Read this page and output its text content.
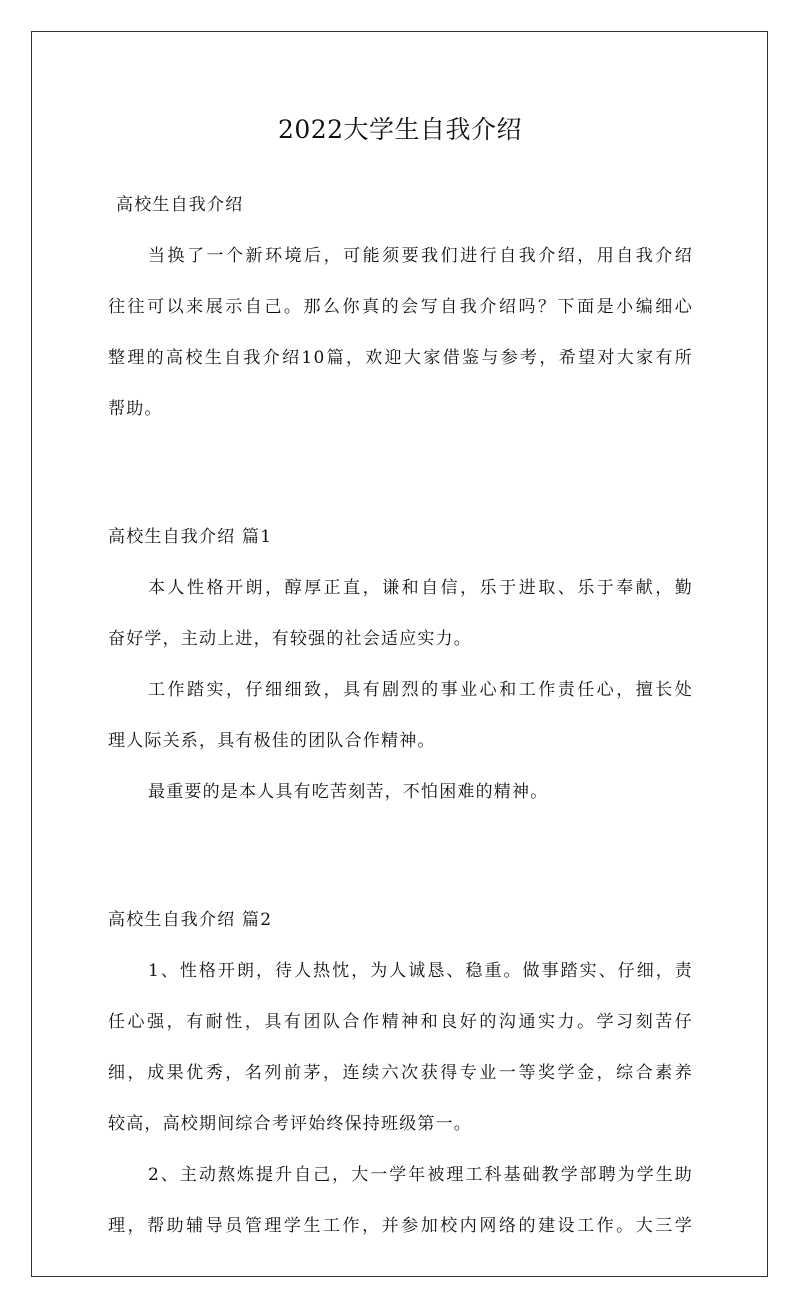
2022大学生自我介绍
高校生自我介绍
当换了一个新环境后，可能须要我们进行自我介绍，用自我介绍
往往可以来展示自己。那么你真的会写自我介绍吗？下面是小编细心
整理的高校生自我介绍10篇，欢迎大家借鉴与参考，希望对大家有所
帮助。
高校生自我介绍 篇1
本人性格开朗，醇厚正直，谦和自信，乐于进取、乐于奉献，勤
奋好学，主动上进，有较强的社会适应实力。
工作踏实，仔细细致，具有剧烈的事业心和工作责任心，擅长处
理人际关系，具有极佳的团队合作精神。
最重要的是本人具有吃苦刻苦，不怕困难的精神。
高校生自我介绍 篇2
1、性格开朗，待人热忱，为人诚恳、稳重。做事踏实、仔细，责
任心强，有耐性，具有团队合作精神和良好的沟通实力。学习刻苦仔
细，成果优秀，名列前茅，连续六次获得专业一等奖学金，综合素养
较高，高校期间综合考评始终保持班级第一。
2、主动熬炼提升自己，大一学年被理工科基础教学部聘为学生助
理，帮助辅导员管理学生工作，并参加校内网络的建设工作。大三学
